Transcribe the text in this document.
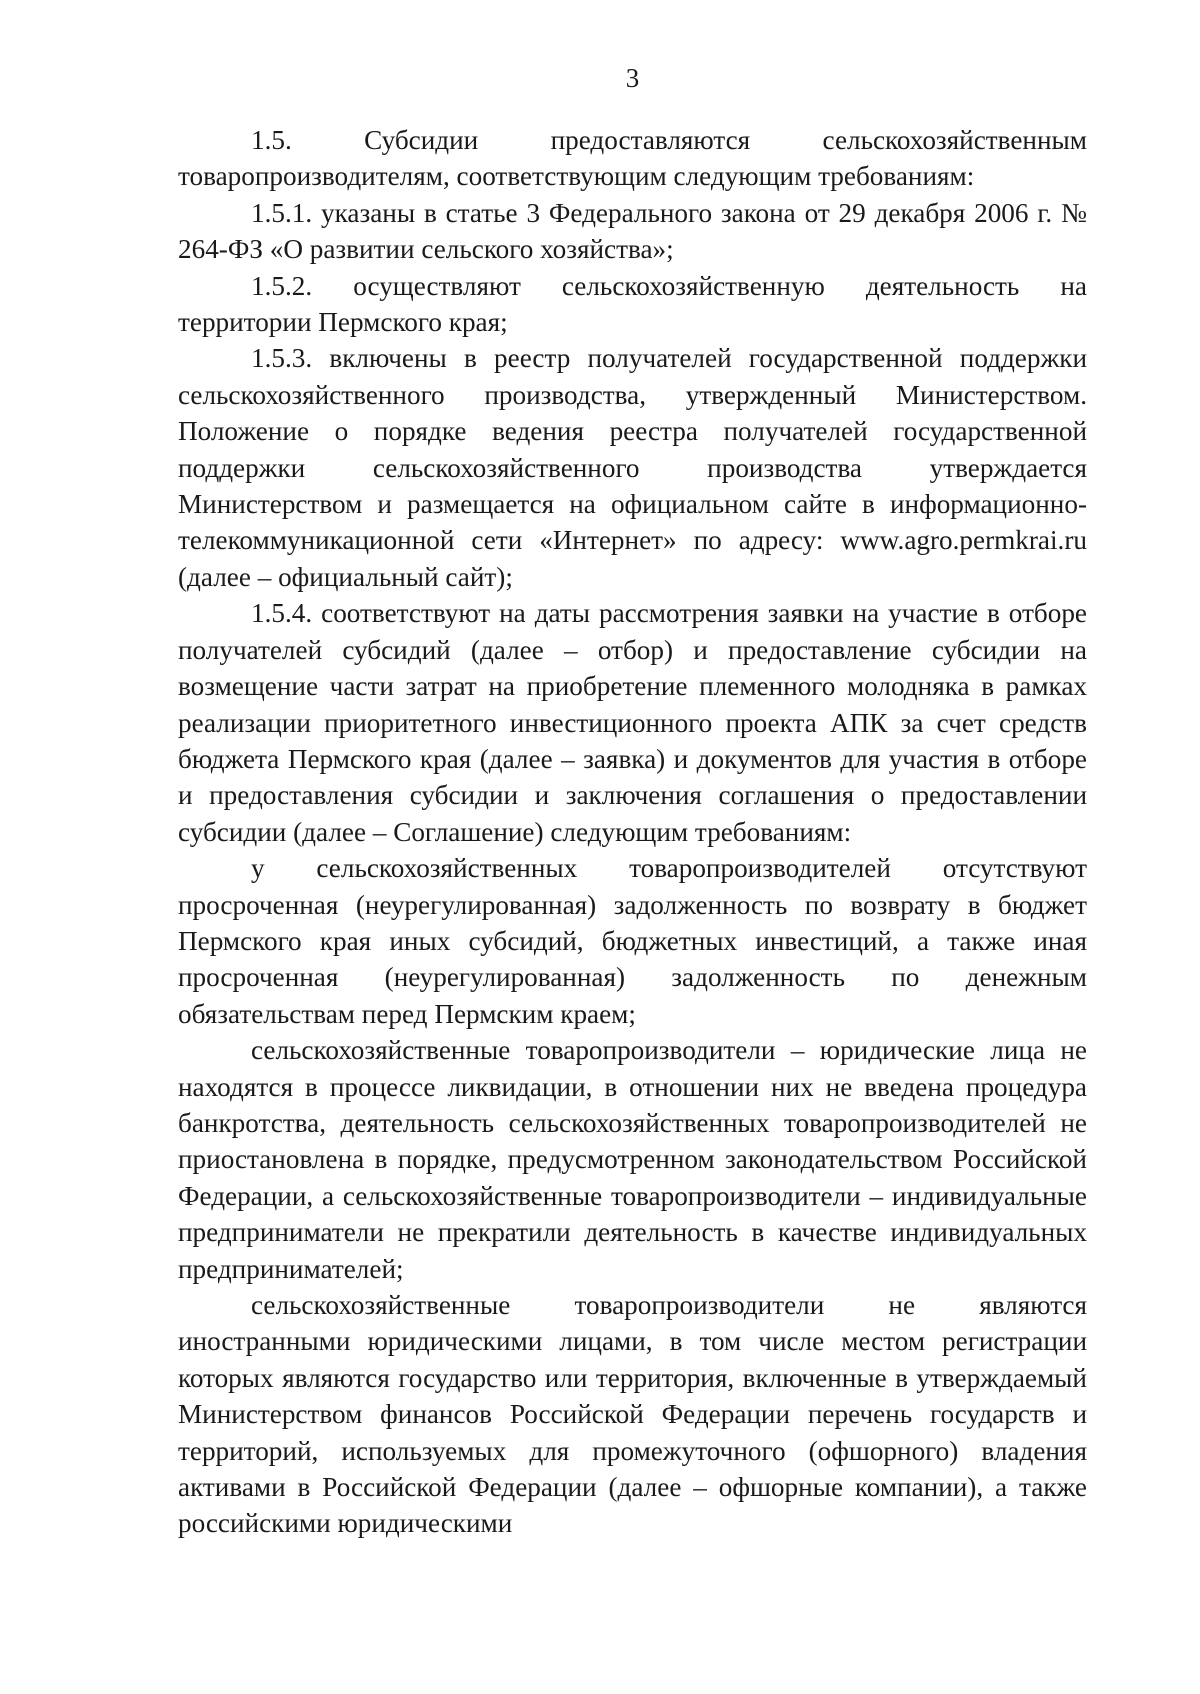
3

1.5. Субсидии предоставляются сельскохозяйственным товаропроизводителям, соответствующим следующим требованиям:

1.5.1. указаны в статье 3 Федерального закона от 29 декабря 2006 г. № 264-ФЗ «О развитии сельского хозяйства»;

1.5.2. осуществляют сельскохозяйственную деятельность на территории Пермского края;

1.5.3. включены в реестр получателей государственной поддержки сельскохозяйственного производства, утвержденный Министерством. Положение о порядке ведения реестра получателей государственной поддержки сельскохозяйственного производства утверждается Министерством и размещается на официальном сайте в информационно-телекоммуникационной сети «Интернет» по адресу: www.agro.permkrai.ru (далее – официальный сайт);

1.5.4. соответствуют на даты рассмотрения заявки на участие в отборе получателей субсидий (далее – отбор) и предоставление субсидии на возмещение части затрат на приобретение племенного молодняка в рамках реализации приоритетного инвестиционного проекта АПК за счет средств бюджета Пермского края (далее – заявка) и документов для участия в отборе и предоставления субсидии и заключения соглашения о предоставлении субсидии (далее – Соглашение) следующим требованиям:

у сельскохозяйственных товаропроизводителей отсутствуют просроченная (неурегулированная) задолженность по возврату в бюджет Пермского края иных субсидий, бюджетных инвестиций, а также иная просроченная (неурегулированная) задолженность по денежным обязательствам перед Пермским краем;

сельскохозяйственные товаропроизводители – юридические лица не находятся в процессе ликвидации, в отношении них не введена процедура банкротства, деятельность сельскохозяйственных товаропроизводителей не приостановлена в порядке, предусмотренном законодательством Российской Федерации, а сельскохозяйственные товаропроизводители – индивидуальные предприниматели не прекратили деятельность в качестве индивидуальных предпринимателей;

сельскохозяйственные товаропроизводители не являются иностранными юридическими лицами, в том числе местом регистрации которых являются государство или территория, включенные в утверждаемый Министерством финансов Российской Федерации перечень государств и территорий, используемых для промежуточного (офшорного) владения активами в Российской Федерации (далее – офшорные компании), а также российскими юридическими
